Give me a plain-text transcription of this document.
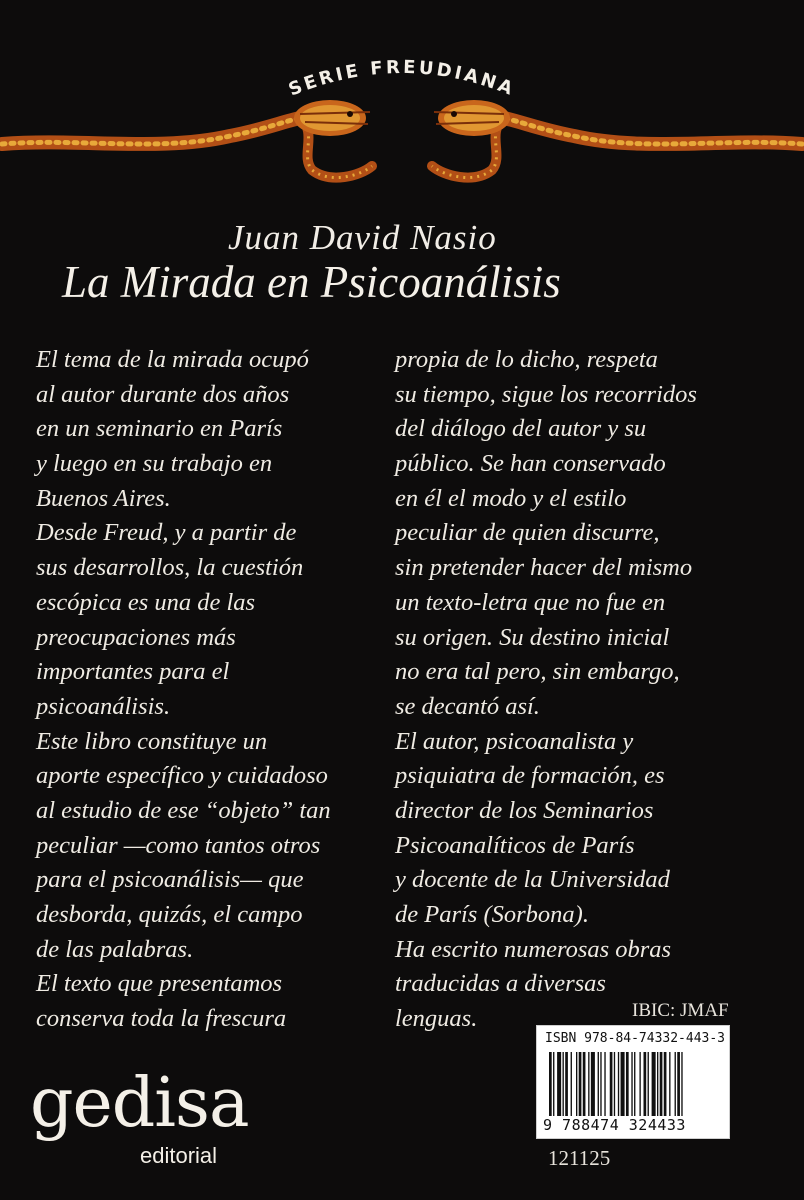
SERIE FREUDIANA
Juan David Nasio
La Mirada en Psicoanálisis
El tema de la mirada ocupó
al autor durante dos años
en un seminario en París
y luego en su trabajo en
Buenos Aires.
Desde Freud, y a partir de
sus desarrollos, la cuestión
escópica es una de las
preocupaciones más
importantes para el
psicoanálisis.
Este libro constituye un
aporte específico y cuidadoso
al estudio de ese “objeto” tan
peculiar —como tantos otros
para el psicoanálisis— que
desborda, quizás, el campo
de las palabras.
El texto que presentamos
conserva toda la frescura
propia de lo dicho, respeta
su tiempo, sigue los recorridos
del diálogo del autor y su
público. Se han conservado
en él el modo y el estilo
peculiar de quien discurre,
sin pretender hacer del mismo
un texto-letra que no fue en
su origen. Su destino inicial
no era tal pero, sin embargo,
se decantó así.
El autor, psicoanalista y
psiquiatra de formación, es
director de los Seminarios
Psicoanalíticos de París
y docente de la Universidad
de París (Sorbona).
Ha escrito numerosas obras
traducidas a diversas
lenguas.	IBIC: JMAF
ISBN 978-84-74332-443-3
9 788474 324433
121125
gedisa
editorial
